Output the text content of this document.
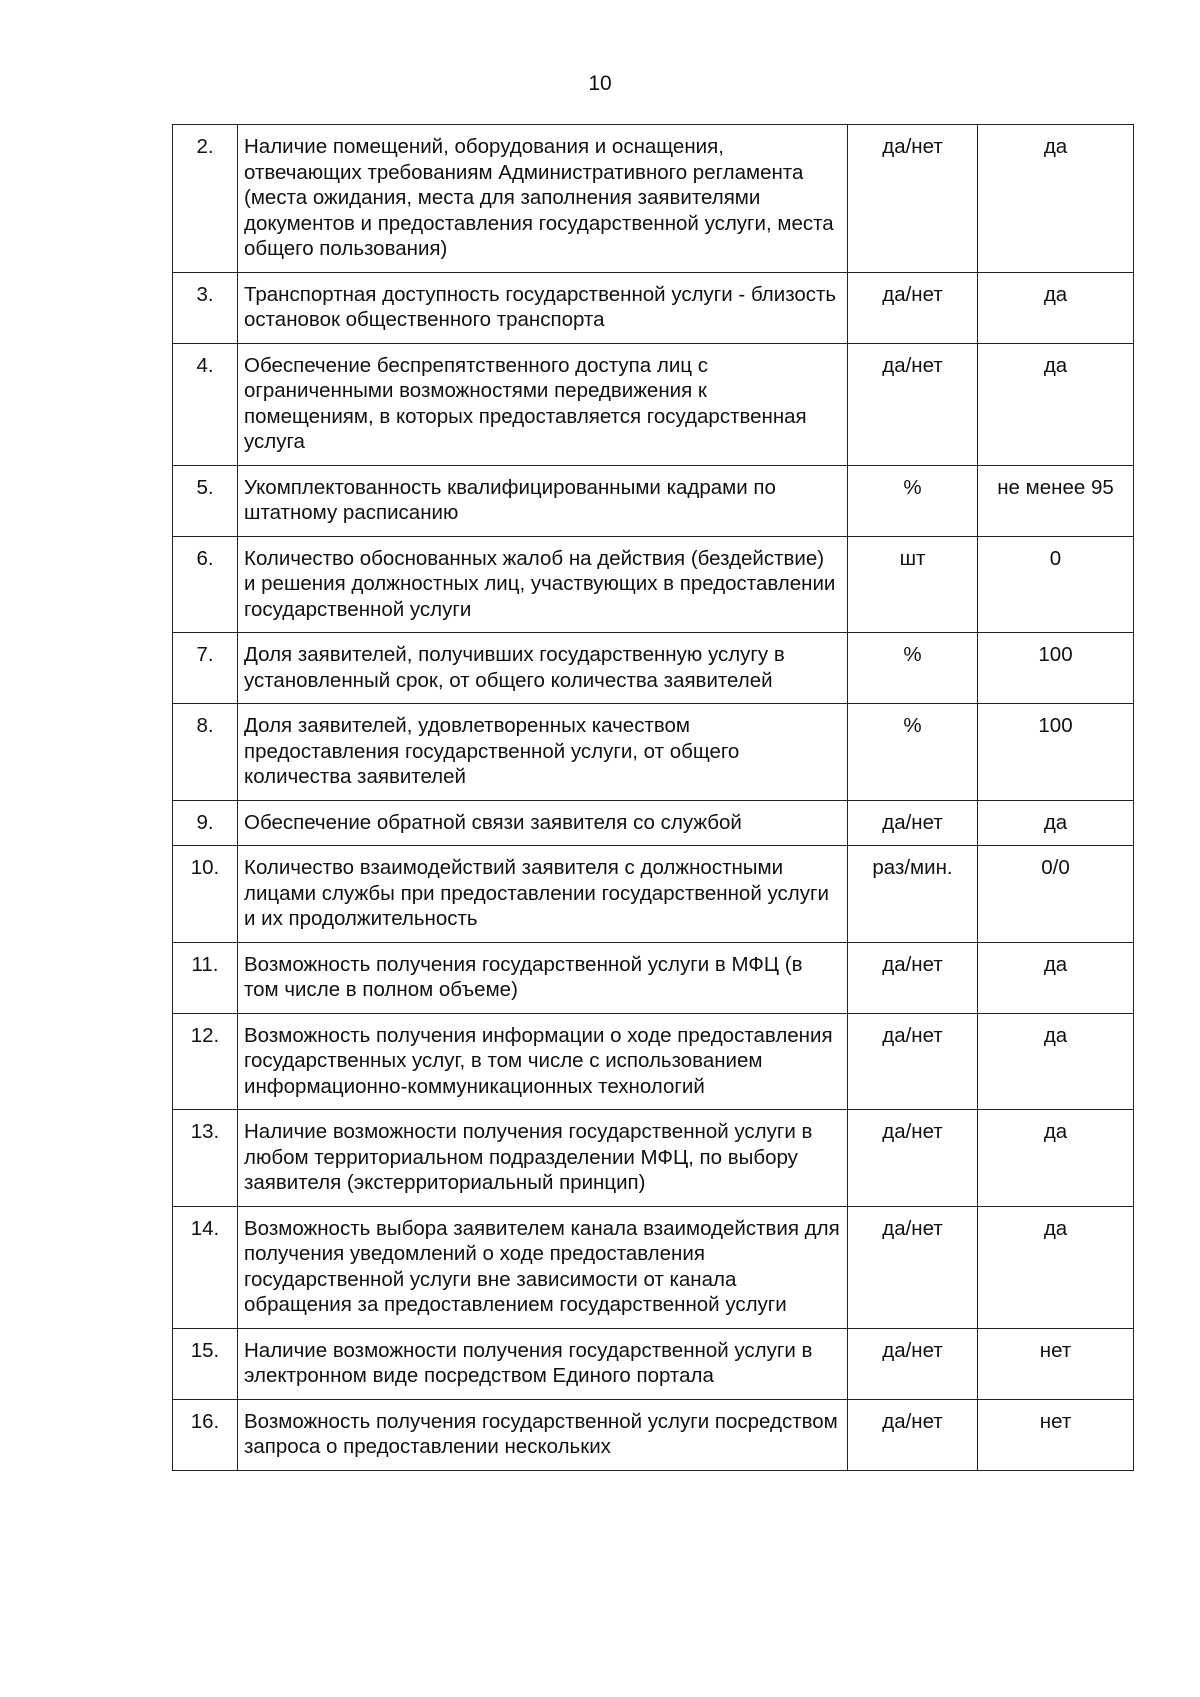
10
2.	Наличие помещений, оборудования и оснащения, отвечающих требованиям Административного регламента (места ожидания, места для заполнения заявителями документов и предоставления государственной услуги, места общего пользования)	да/нет	да
3.	Транспортная доступность государственной услуги - близость остановок общественного транспорта	да/нет	да
4.	Обеспечение беспрепятственного доступа лиц с ограниченными возможностями передвижения к помещениям, в которых предоставляется государственная услуга	да/нет	да
5.	Укомплектованность квалифицированными кадрами по штатному расписанию	%	не менее 95
6.	Количество обоснованных жалоб на действия (бездействие) и решения должностных лиц, участвующих в предоставлении государственной услуги	шт	0
7.	Доля заявителей, получивших государственную услугу в установленный срок, от общего количества заявителей	%	100
8.	Доля заявителей, удовлетворенных качеством предоставления государственной услуги, от общего количества заявителей	%	100
9.	Обеспечение обратной связи заявителя со службой	да/нет	да
10.	Количество взаимодействий заявителя с должностными лицами службы при предоставлении государственной услуги и их продолжительность	раз/мин.	0/0
11.	Возможность получения государственной услуги в МФЦ (в том числе в полном объеме)	да/нет	да
12.	Возможность получения информации о ходе предоставления государственных услуг, в том числе с использованием информационно-коммуникационных технологий	да/нет	да
13.	Наличие возможности получения государственной услуги в любом территориальном подразделении МФЦ, по выбору заявителя (экстерриториальный принцип)	да/нет	да
14.	Возможность выбора заявителем канала взаимодействия для получения уведомлений о ходе предоставления государственной услуги вне зависимости от канала обращения за предоставлением государственной услуги	да/нет	да
15.	Наличие возможности получения государственной услуги в электронном виде посредством Единого портала	да/нет	нет
16.	Возможность получения государственной услуги посредством запроса о предоставлении нескольких	да/нет	нет
